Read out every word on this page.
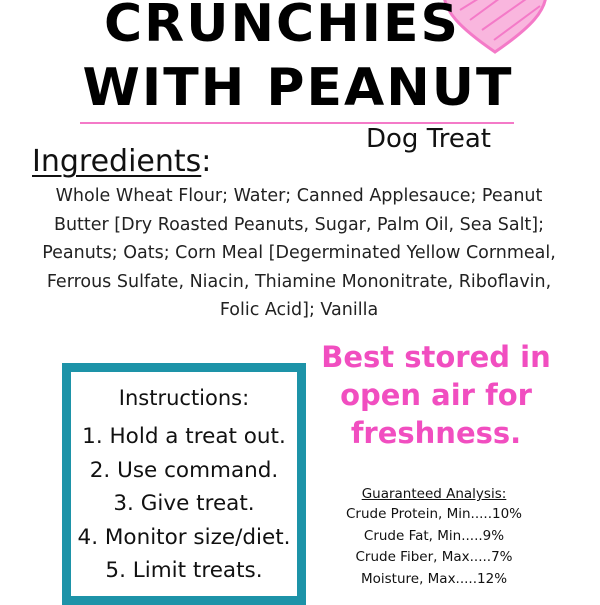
CRUNCHIES
WITH PEANUT
Dog Treat
Ingredients:
Whole Wheat Flour; Water; Canned Applesauce; Peanut Butter [Dry Roasted Peanuts, Sugar, Palm Oil, Sea Salt]; Peanuts; Oats; Corn Meal [Degerminated Yellow Cornmeal, Ferrous Sulfate, Niacin, Thiamine Mononitrate, Riboflavin, Folic Acid]; Vanilla
Instructions:
1. Hold a treat out.
2. Use command.
3. Give treat.
4. Monitor size/diet.
5. Limit treats.
Best stored in open air for freshness.
Guaranteed Analysis:
Crude Protein, Min.....10%
Crude Fat, Min.....9%
Crude Fiber, Max.....7%
Moisture, Max.....12%
